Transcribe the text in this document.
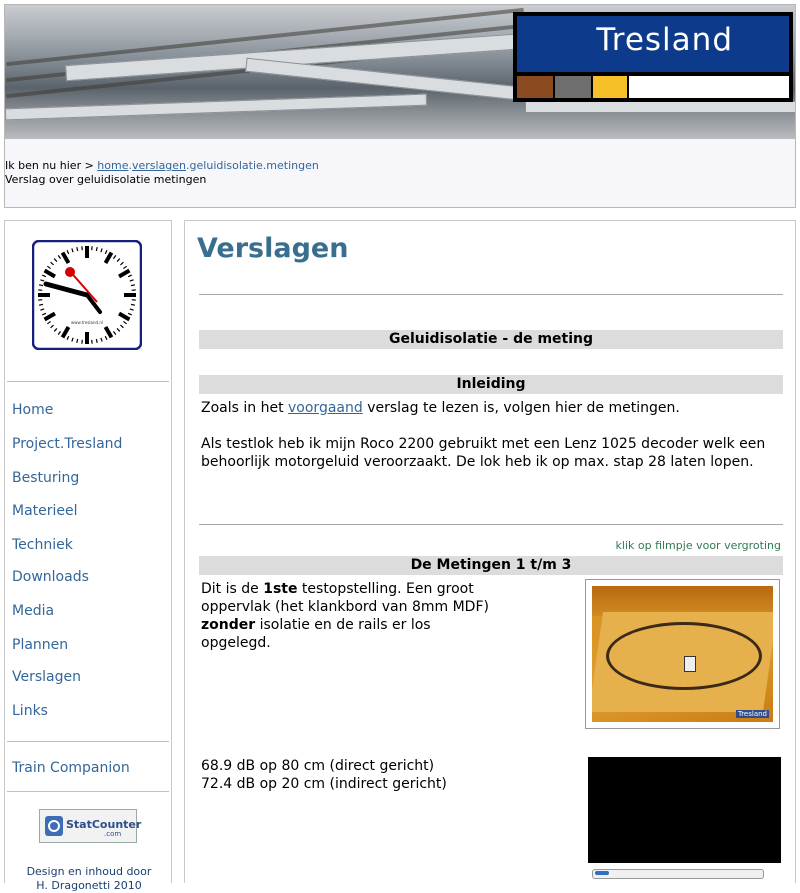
Tresland
Ik ben nu hier > home.verslagen.geluidisolatie.metingen
Verslag over geluidisolatie metingen
www.tresland.nl
Home
Project.Tresland
Besturing
Materieel
Techniek
Downloads
Media
Plannen
Verslagen
Links
Train Companion
StatCounter
.com
Design en inhoud door
H. Dragonetti 2010
Verslagen
Geluidisolatie - de meting
Inleiding
Zoals in het voorgaand verslag te lezen is, volgen hier de metingen.
Als testlok heb ik mijn Roco 2200 gebruikt met een Lenz 1025 decoder welk een behoorlijk motorgeluid veroorzaakt. De lok heb ik op max. stap 28 laten lopen.
klik op filmpje voor vergroting
De Metingen 1 t/m 3
Dit is de 1ste testopstelling. Een groot oppervlak (het klankbord van 8mm MDF) zonder isolatie en de rails er los opgelegd.
Tresland
68.9 dB op 80 cm (direct gericht)
72.4 dB op 20 cm (indirect gericht)
